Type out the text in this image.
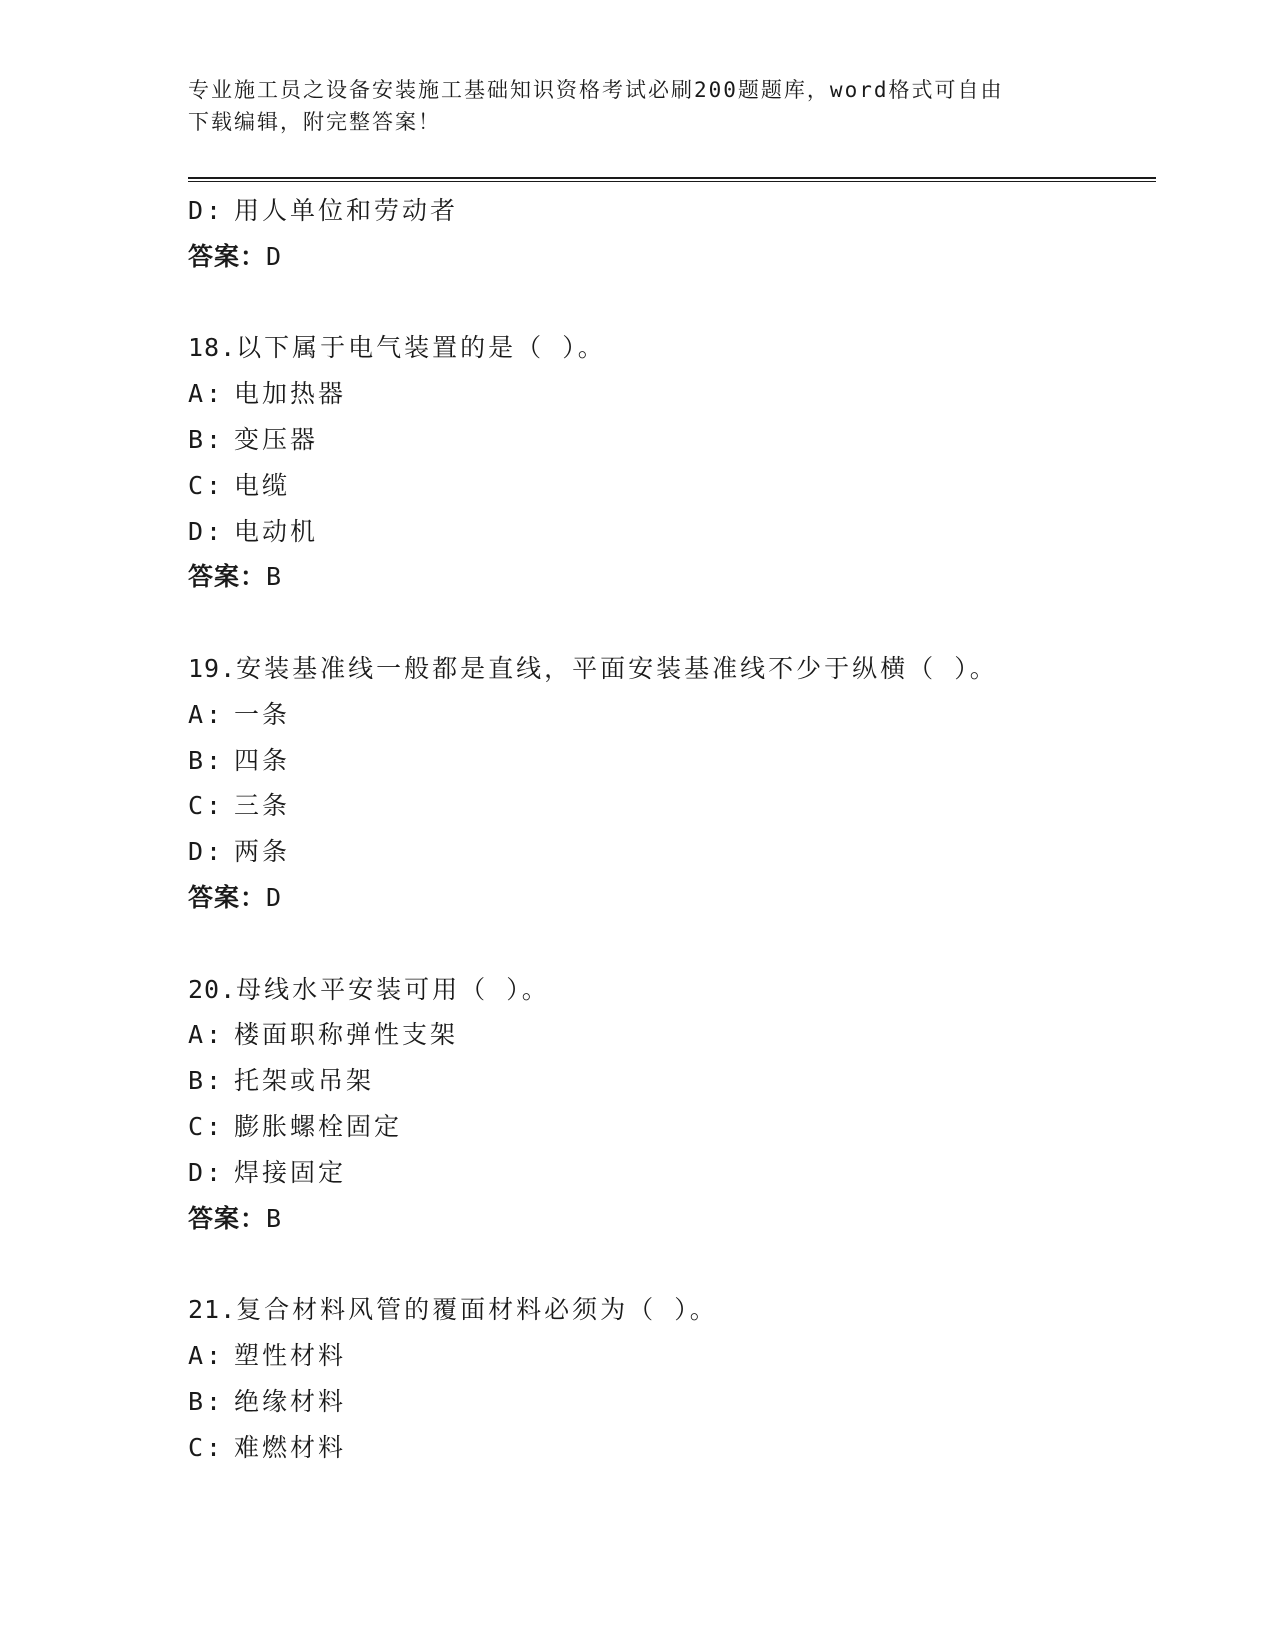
专业施工员之设备安装施工基础知识资格考试必刷200题题库，word格式可自由
下载编辑，附完整答案！
D: 用人单位和劳动者
答案：D
18.以下属于电气装置的是（ ）。
A: 电加热器
B: 变压器
C: 电缆
D: 电动机
答案：B
19.安装基准线一般都是直线，平面安装基准线不少于纵横（ ）。
A: 一条
B: 四条
C: 三条
D: 两条
答案：D
20.母线水平安装可用（ ）。
A: 楼面职称弹性支架
B: 托架或吊架
C: 膨胀螺栓固定
D: 焊接固定
答案：B
21.复合材料风管的覆面材料必须为（ ）。
A: 塑性材料
B: 绝缘材料
C: 难燃材料
